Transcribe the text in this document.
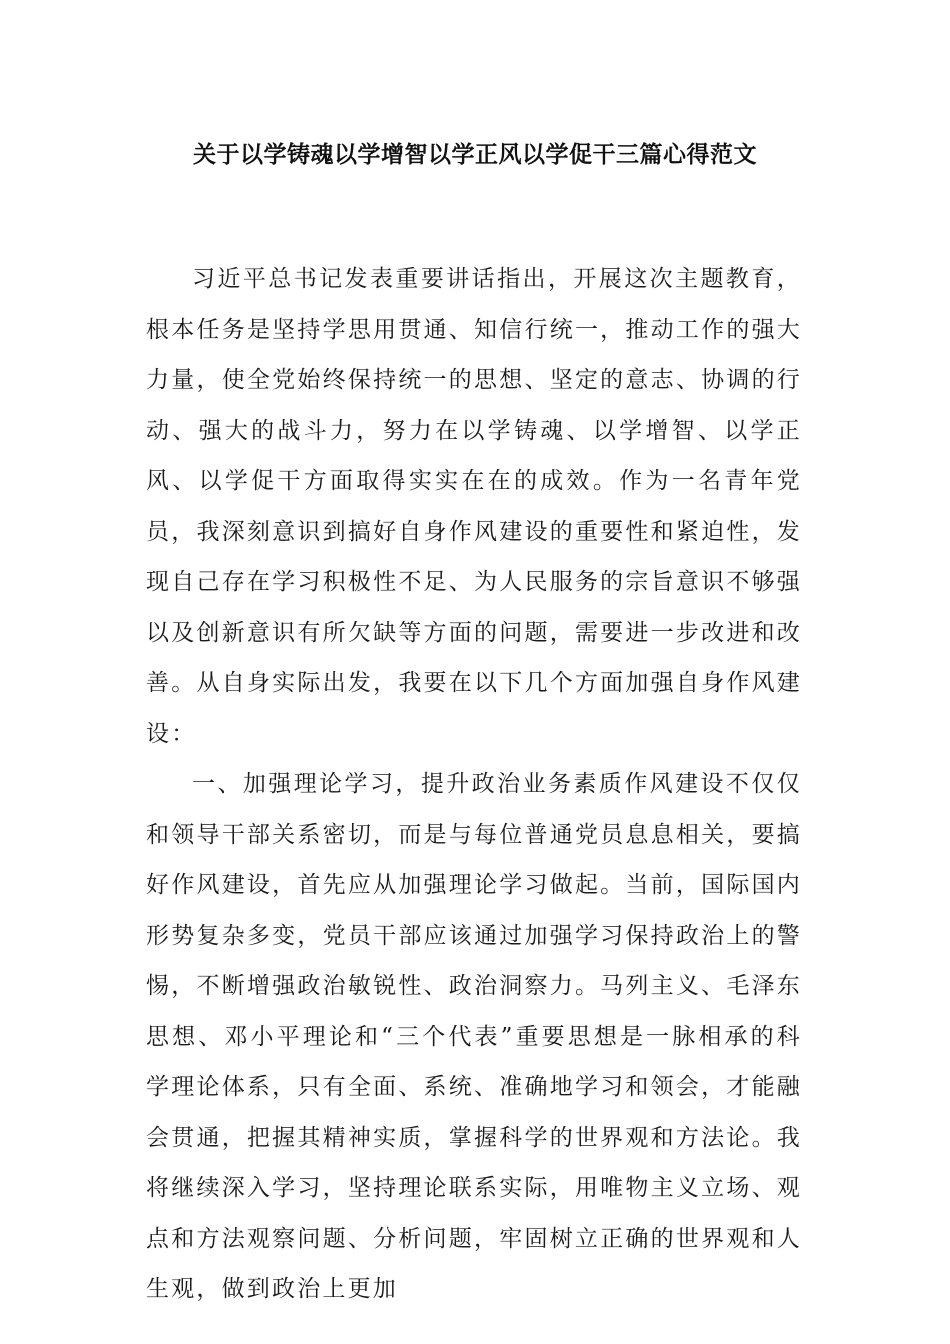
关于以学铸魂以学增智以学正风以学促干三篇心得范文

习近平总书记发表重要讲话指出，开展这次主题教育，根本任务是坚持学思用贯通、知信行统一，推动工作的强大力量，使全党始终保持统一的思想、坚定的意志、协调的行动、强大的战斗力，努力在以学铸魂、以学增智、以学正风、以学促干方面取得实实在在的成效。作为一名青年党员，我深刻意识到搞好自身作风建设的重要性和紧迫性，发现自己存在学习积极性不足、为人民服务的宗旨意识不够强以及创新意识有所欠缺等方面的问题，需要进一步改进和改善。从自身实际出发，我要在以下几个方面加强自身作风建设：

一、加强理论学习，提升政治业务素质作风建设不仅仅和领导干部关系密切，而是与每位普通党员息息相关，要搞好作风建设，首先应从加强理论学习做起。当前，国际国内形势复杂多变，党员干部应该通过加强学习保持政治上的警惕，不断增强政治敏锐性、政治洞察力。马列主义、毛泽东思想、邓小平理论和“三个代表”重要思想是一脉相承的科学理论体系，只有全面、系统、准确地学习和领会，才能融会贯通，把握其精神实质，掌握科学的世界观和方法论。我将继续深入学习，坚持理论联系实际，用唯物主义立场、观点和方法观察问题、分析问题，牢固树立正确的世界观和人生观，做到政治上更加
